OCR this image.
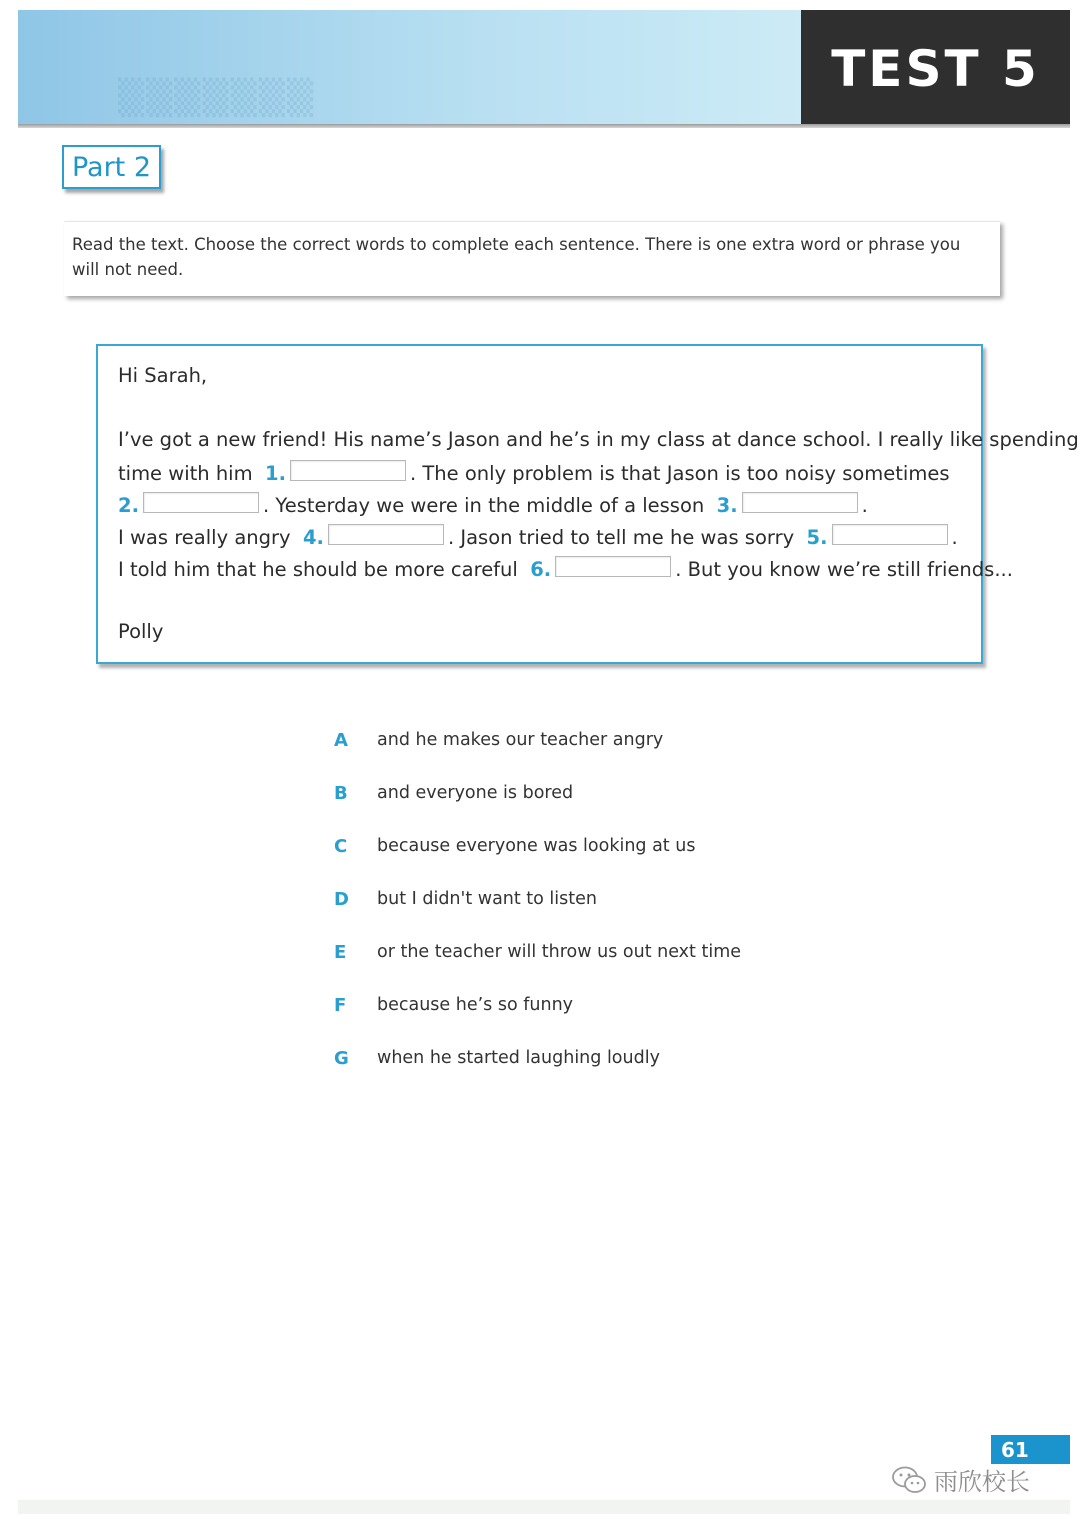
▒▒▒▒▒▒▒	TEST 5
Part 2
Read the text. Choose the correct words to complete each sentence. There is one extra word or phrase you will not need.
Hi Sarah,
I’ve got a new friend! His name’s Jason and he’s in my class at dance school. I really like spending
time with him 1.	. The only problem is that Jason is too noisy sometimes
2.	. Yesterday we were in the middle of a lesson 3.	.
I was really angry 4.	. Jason tried to tell me he was sorry 5.	.
I told him that he should be more careful 6.	. But you know we’re still friends...
Polly
A	and he makes our teacher angry
B	and everyone is bored
C	because everyone was looking at us
D	but I didn't want to listen
E	or the teacher will throw us out next time
F	because he’s so funny
G	when he started laughing loudly
61
雨欣校长
